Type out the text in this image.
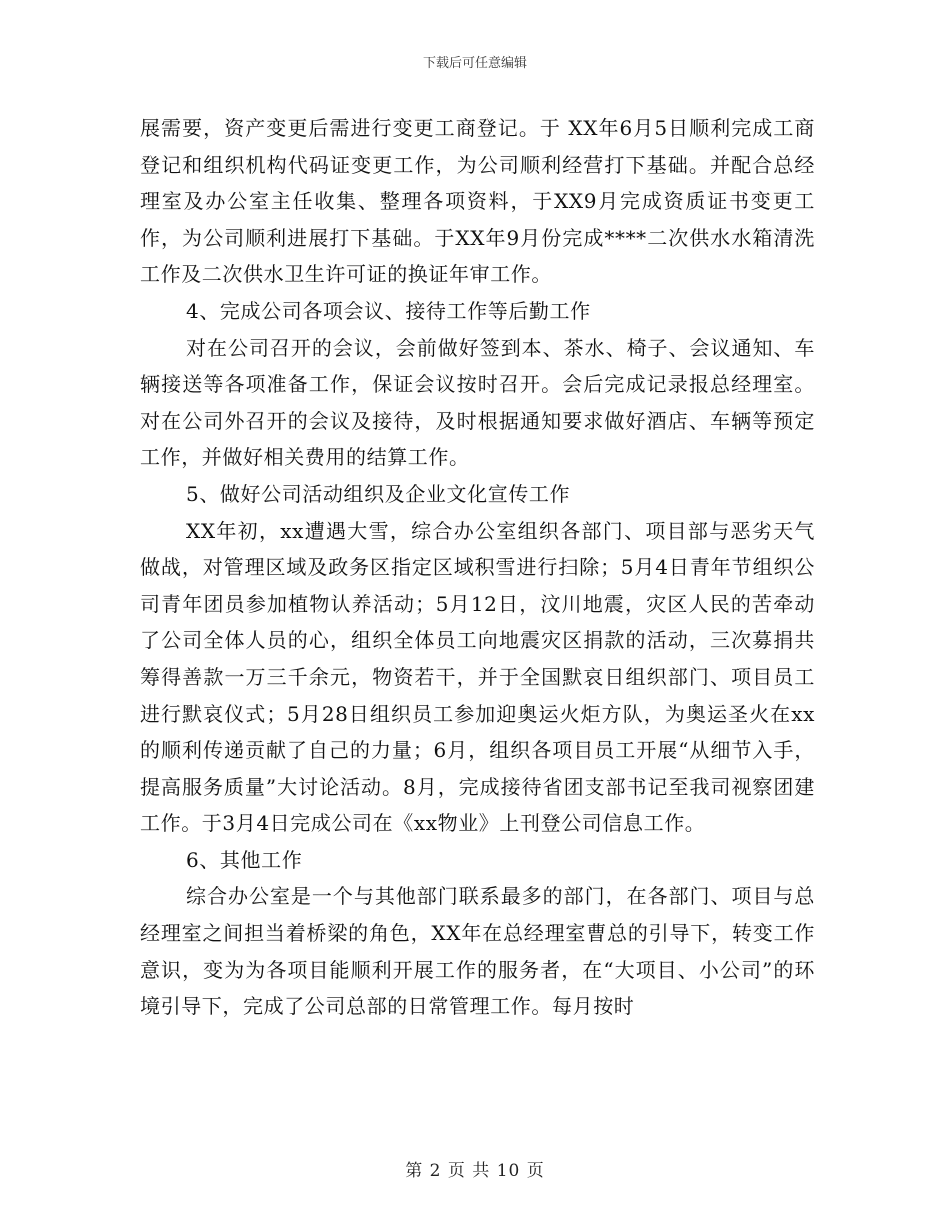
下载后可任意编辑

展需要，资产变更后需进行变更工商登记。于 XX年6月5日顺利完成工商登记和组织机构代码证变更工作，为公司顺利经营打下基础。并配合总经理室及办公室主任收集、整理各项资料，于XX9月完成资质证书变更工作，为公司顺利进展打下基础。于XX年9月份完成****二次供水水箱清洗工作及二次供水卫生许可证的换证年审工作。

4、完成公司各项会议、接待工作等后勤工作

对在公司召开的会议，会前做好签到本、茶水、椅子、会议通知、车辆接送等各项准备工作，保证会议按时召开。会后完成记录报总经理室。对在公司外召开的会议及接待，及时根据通知要求做好酒店、车辆等预定工作，并做好相关费用的结算工作。

5、做好公司活动组织及企业文化宣传工作

XX年初，xx遭遇大雪，综合办公室组织各部门、项目部与恶劣天气做战，对管理区域及政务区指定区域积雪进行扫除；5月4日青年节组织公司青年团员参加植物认养活动；5月12日，汶川地震，灾区人民的苦牵动了公司全体人员的心，组织全体员工向地震灾区捐款的活动，三次募捐共筹得善款一万三千余元，物资若干，并于全国默哀日组织部门、项目员工进行默哀仪式；5月28日组织员工参加迎奥运火炬方队，为奥运圣火在xx的顺利传递贡献了自己的力量；6月，组织各项目员工开展“从细节入手，提高服务质量”大讨论活动。8月，完成接待省团支部书记至我司视察团建工作。于3月4日完成公司在《xx物业》上刊登公司信息工作。

6、其他工作

综合办公室是一个与其他部门联系最多的部门，在各部门、项目与总经理室之间担当着桥梁的角色，XX年在总经理室曹总的引导下，转变工作意识，变为为各项目能顺利开展工作的服务者，在“大项目、小公司”的环境引导下，完成了公司总部的日常管理工作。每月按时

第 2 页 共 10 页
